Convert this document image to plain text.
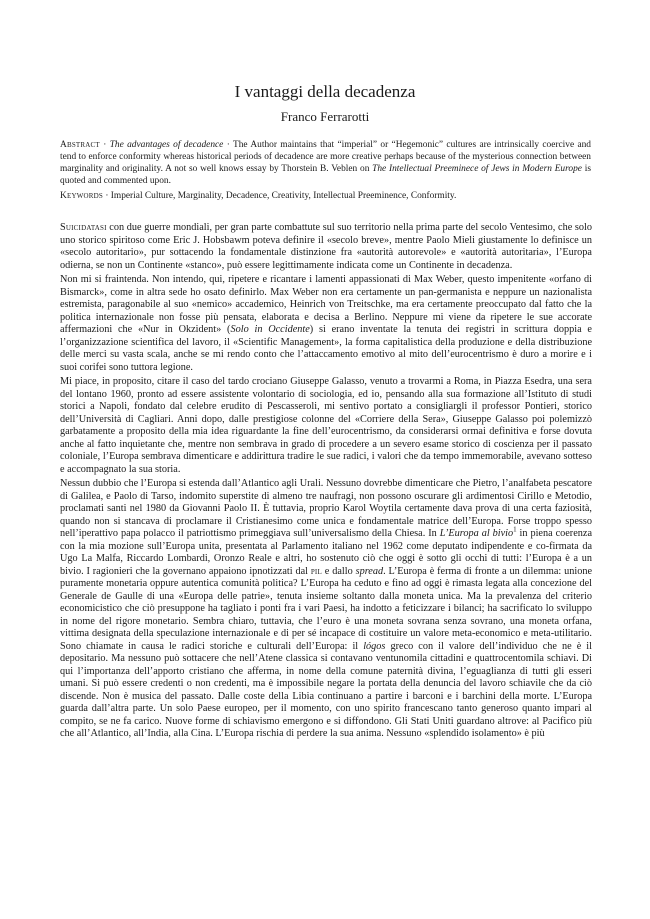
I vantaggi della decadenza
Franco Ferrarotti

Abstract · The advantages of decadence · The Author maintains that “imperial” or “Hegemonic” cultures are intrinsically coercive and tend to enforce conformity whereas historical periods of decadence are more creative perhaps because of the mysterious connection between marginality and originality. A not so well knows essay by Thorstein B. Veblen on The Intellectual Preeminece of Jews in Modern Europe is quoted and commented upon.

Keywords · Imperial Culture, Marginality, Decadence, Creativity, Intellectual Preeminence, Conformity.

Suicidatasi con due guerre mondiali, per gran parte combattute sul suo territorio nella prima parte del secolo Ventesimo, che solo uno storico spiritoso come Eric J. Hobsbawm poteva definire il «secolo breve», mentre Paolo Mieli giustamente lo definisce un «secolo autoritario», pur sottacendo la fondamentale distinzione fra «autorità autorevole» e «autorità autoritaria», l’Europa odierna, se non un Continente «stanco», può essere legittimamente indicata come un Continente in decadenza.

Non mi si fraintenda. Non intendo, qui, ripetere e ricantare i lamenti appassionati di Max Weber, questo impenitente «orfano di Bismarck», come in altra sede ho osato definirlo. Max Weber non era certamente un pan-germanista e neppure un nazionalista estremista, paragonabile al suo «nemico» accademico, Heinrich von Treitschke, ma era certamente preoccupato dal fatto che la politica internazionale non fosse più pensata, elaborata e decisa a Berlino. Neppure mi viene da ripetere le sue accorate affermazioni che «Nur in Okzident» (Solo in Occidente) si erano inventate la tenuta dei registri in scrittura doppia e l’organizzazione scientifica del lavoro, il «Scientific Management», la forma capitalistica della produzione e della distribuzione delle merci su vasta scala, anche se mi rendo conto che l’attaccamento emotivo al mito dell’eurocentrismo è duro a morire e i suoi corifei sono tuttora legione.

Mi piace, in proposito, citare il caso del tardo crociano Giuseppe Galasso, venuto a trovarmi a Roma, in Piazza Esedra, una sera del lontano 1960, pronto ad essere assistente volontario di sociologia, ed io, pensando alla sua formazione all’Istituto di studi storici a Napoli, fondato dal celebre erudito di Pescasseroli, mi sentivo portato a consigliargli il professor Pontieri, storico dell’Università di Cagliari. Anni dopo, dalle prestigiose colonne del «Corriere della Sera», Giuseppe Galasso poi polemizzò garbatamente a proposito della mia idea riguardante la fine dell’eurocentrismo, da considerarsi ormai definitiva e forse dovuta anche al fatto inquietante che, mentre non sembrava in grado di procedere a un severo esame storico di coscienza per il passato coloniale, l’Europa sembrava dimenticare e addirittura tradire le sue radici, i valori che da tempo immemorabile, avevano sotteso e accompagnato la sua storia.

Nessun dubbio che l’Europa si estenda dall’Atlantico agli Urali. Nessuno dovrebbe dimenticare che Pietro, l’analfabeta pescatore di Galilea, e Paolo di Tarso, indomito superstite di almeno tre naufragi, non possono oscurare gli ardimentosi Cirillo e Metodio, proclamati santi nel 1980 da Giovanni Paolo II. È tuttavia, proprio Karol Woytila certamente dava prova di una certa faziosità, quando non si stancava di proclamare il Cristianesimo come unica e fondamentale matrice dell’Europa. Forse troppo spesso nell’iperattivo papa polacco il patriottismo primeggiava sull’universalismo della Chiesa. In L’Europa al bivio$^1$ in piena coerenza con la mia mozione sull’Europa unita, presentata al Parlamento italiano nel 1962 come deputato indipendente e co-firmata da Ugo La Malfa, Riccardo Lombardi, Oronzo Reale e altri, ho sostenuto ciò che oggi è sotto gli occhi di tutti: l’Europa è a un bivio. I ragionieri che la governano appaiono ipnotizzati dal pil e dallo spread. L’Europa è ferma di fronte a un dilemma: unione puramente monetaria oppure autentica comunità politica? L’Europa ha ceduto e fino ad oggi è rimasta legata alla concezione del Generale de Gaulle di una «Europa delle patrie», tenuta insieme soltanto dalla moneta unica. Ma la prevalenza del criterio economicistico che ciò presuppone ha tagliato i ponti fra i vari Paesi, ha indotto a feticizzare i bilanci; ha sacrificato lo sviluppo in nome del rigore monetario. Sembra chiaro, tuttavia, che l’euro è una moneta sovrana senza sovrano, una moneta orfana, vittima designata della speculazione internazionale e di per sé incapace di costituire un valore meta-economico e meta-utilitario. Sono chiamate in causa le radici storiche e culturali dell’Europa: il lógos greco con il valore dell’individuo che ne è il depositario. Ma nessuno può sottacere che nell’Atene classica si contavano ventunomila cittadini e quattrocentomila schiavi. Di qui l’importanza dell’apporto cristiano che afferma, in nome della comune paternità divina, l’eguaglianza di tutti gli esseri umani. Si può essere credenti o non credenti, ma è impossibile negare la portata della denuncia del lavoro schiavile che da ciò discende. Non è musica del passato. Dalle coste della Libia continuano a partire i barconi e i barchini della morte. L’Europa guarda dall’altra parte. Un solo Paese europeo, per il momento, con uno spirito francescano tanto generoso quanto impari al compito, se ne fa carico. Nuove forme di schiavismo emergono e si diffondono. Gli Stati Uniti guardano altrove: al Pacifico più che all’Atlantico, all’India, alla Cina. L’Europa rischia di perdere la sua anima. Nessuno «splendido isolamento» è più
